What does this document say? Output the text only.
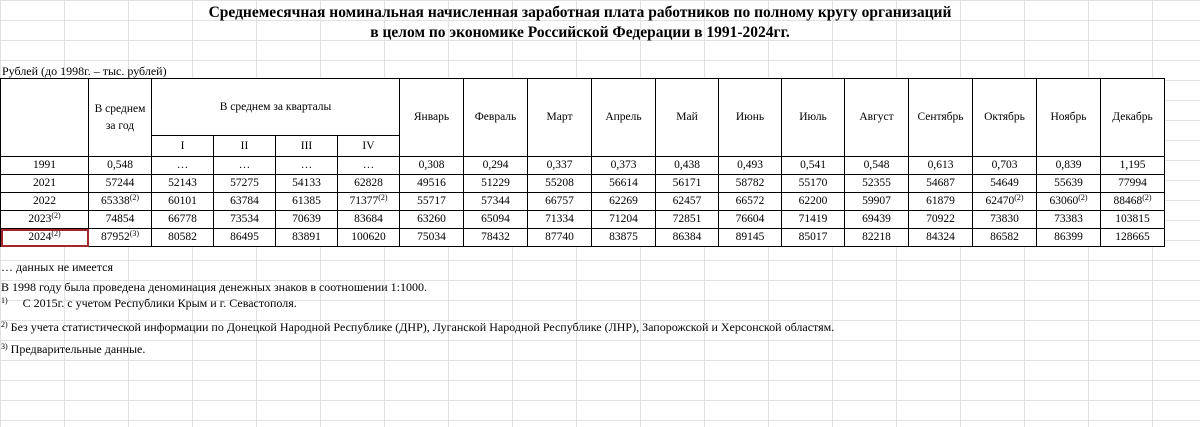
Среднемесячная номинальная начисленная заработная плата работников по полному кругу организаций
в целом по экономике Российской Федерации в 1991-2024гг.
Рублей (до 1998г. – тыс. рублей)
	В среднем за год	В среднем за кварталы				Январь	Февраль	Март	Апрель	Май	Июнь	Июль	Август	Сентябрь	Октябрь	Ноябрь	Декабрь
		I	II	III	IV												
1991	0,548	…	…	…	…	0,308	0,294	0,337	0,373	0,438	0,493	0,541	0,548	0,613	0,703	0,839	1,195
2021	57244	52143	57275	54133	62828	49516	51229	55208	56614	56171	58782	55170	52355	54687	54649	55639	77994
2022	65338$^{(2)}$	60101	63784	61385	71377$^{(2)}$	55717	57344	66757	62269	62457	66572	62200	59907	61879	62470$^{(2)}$	63060$^{(2)}$	88468$^{(2)}$
2023$^{(2)}$	74854	66778	73534	70639	83684	63260	65094	71334	71204	72851	76604	71419	69439	70922	73830	73383	103815
2024$^{(2)}$	87952$^{(3)}$	80582	86495	83891	100620	75034	78432	87740	83875	86384	89145	85017	82218	84324	86582	86399	128665
… данных не имеется
В 1998 году была проведена деноминация денежных знаков в соотношении 1:1000.
$^{1)}$ С 2015г. с учетом Республики Крым и г. Севастополя.
$^{2)}$ Без учета статистической информации по Донецкой Народной Республике (ДНР), Луганской Народной Республике (ЛНР), Запорожской и Херсонской областям.
$^{3)}$ Предварительные данные.
